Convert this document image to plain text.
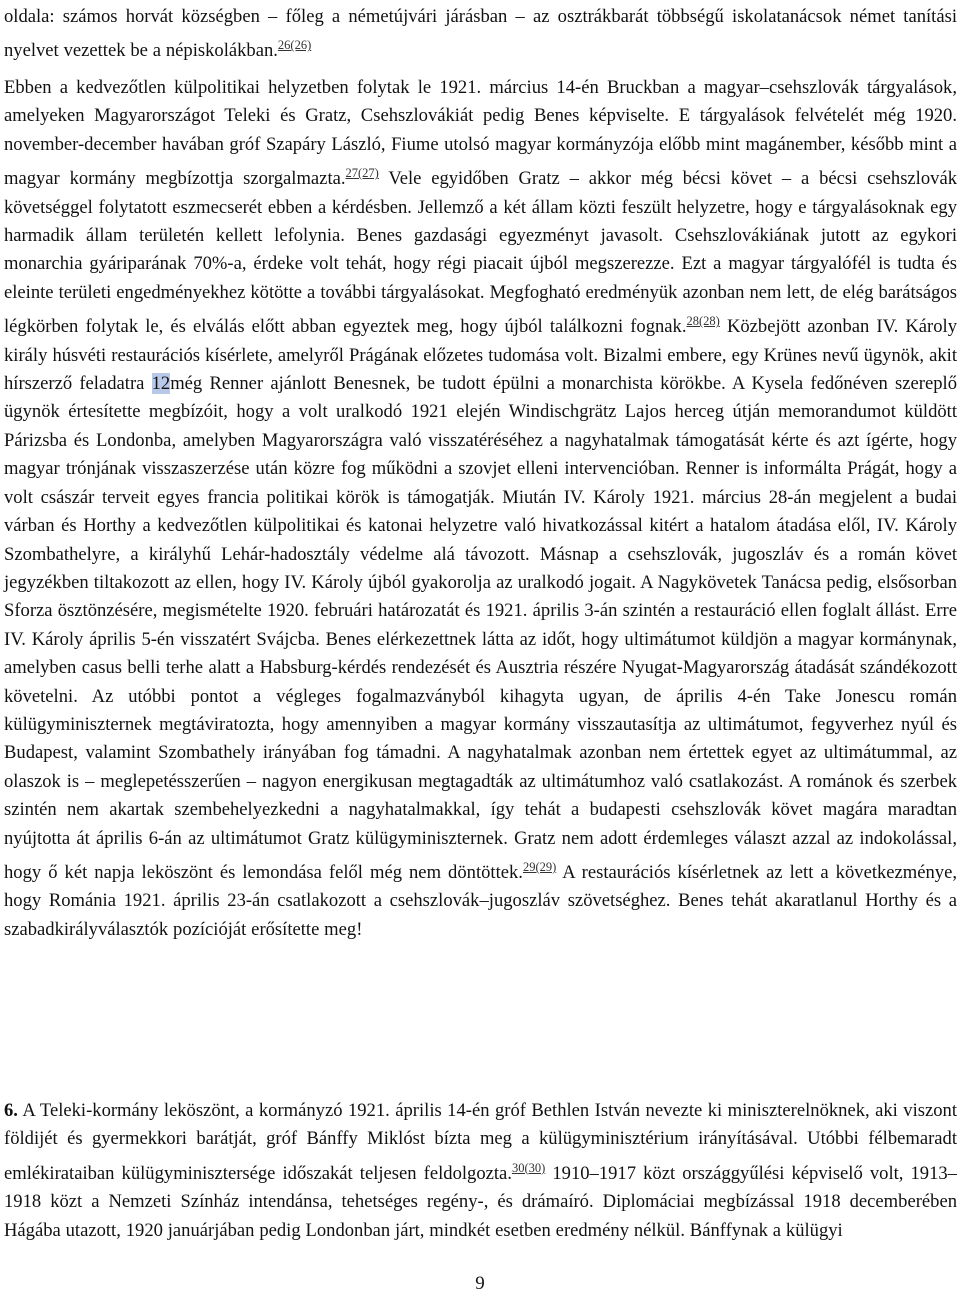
oldala: számos horvát községben – főleg a németújvári járásban – az osztrákbarát többségű iskolatanácsok német tanítási nyelvet vezettek be a népiskolákban.$^{26(26)}$
Ebben a kedvezőtlen külpolitikai helyzetben folytak le 1921. március 14-én Bruckban a magyar–csehszlovák tárgyalások, amelyeken Magyarországot Teleki és Gratz, Csehszlovákiát pedig Benes képviselte. E tárgyalások felvételét még 1920. november-december havában gróf Szapáry László, Fiume utolsó magyar kormányzója előbb mint magánember, később mint a magyar kormány megbízottja szorgalmazta.$^{27(27)}$ Vele egyidőben Gratz – akkor még bécsi követ – a bécsi csehszlovák követséggel folytatott eszmecserét ebben a kérdésben. Jellemző a két állam közti feszült helyzetre, hogy e tárgyalásoknak egy harmadik állam területén kellett lefolynia. Benes gazdasági egyezményt javasolt. Csehszlovákiának jutott az egykori monarchia gyáriparának 70%-a, érdeke volt tehát, hogy régi piacait újból megszerezze. Ezt a magyar tárgyalófél is tudta és eleinte területi engedményekhez kötötte a további tárgyalásokat. Megfogható eredményük azonban nem lett, de elég barátságos légkörben folytak le, és elválás előtt abban egyeztek meg, hogy újból találkozni fognak.$^{28(28)}$ Közbejött azonban IV. Károly király húsvéti restaurációs kísérlete, amelyről Prágának előzetes tudomása volt. Bizalmi embere, egy Krünes nevű ügynök, akit hírszerző feladatra 12még Renner ajánlott Benesnek, be tudott épülni a monarchista körökbe. A Kysela fedőnéven szereplő ügynök értesítette megbízóit, hogy a volt uralkodó 1921 elején Windischgrätz Lajos herceg útján memorandumot küldött Párizsba és Londonba, amelyben Magyarországra való visszatéréséhez a nagyhatalmak támogatását kérte és azt ígérte, hogy magyar trónjának visszaszerzése után közre fog működni a szovjet elleni intervencióban. Renner is informálta Prágát, hogy a volt császár terveit egyes francia politikai körök is támogatják. Miután IV. Károly 1921. március 28-án megjelent a budai várban és Horthy a kedvezőtlen külpolitikai és katonai helyzetre való hivatkozással kitért a hatalom átadása elől, IV. Károly Szombathelyre, a királyhű Lehár-hadosztály védelme alá távozott. Másnap a csehszlovák, jugoszláv és a román követ jegyzékben tiltakozott az ellen, hogy IV. Károly újból gyakorolja az uralkodó jogait. A Nagykövetek Tanácsa pedig, elsősorban Sforza ösztönzésére, megismételte 1920. februári határozatát és 1921. április 3-án szintén a restauráció ellen foglalt állást. Erre IV. Károly április 5-én visszatért Svájcba. Benes elérkezettnek látta az időt, hogy ultimátumot küldjön a magyar kormánynak, amelyben casus belli terhe alatt a Habsburg-kérdés rendezését és Ausztria részére Nyugat-Magyarország átadását szándékozott követelni. Az utóbbi pontot a végleges fogalmazványból kihagyta ugyan, de április 4-én Take Jonescu román külügyminiszternek megtáviratozta, hogy amennyiben a magyar kormány visszautasítja az ultimátumot, fegyverhez nyúl és Budapest, valamint Szombathely irányában fog támadni. A nagyhatalmak azonban nem értettek egyet az ultimátummal, az olaszok is – meglepetésszerűen – nagyon energikusan megtagadták az ultimátumhoz való csatlakozást. A románok és szerbek szintén nem akartak szembehelyezkedni a nagyhatalmakkal, így tehát a budapesti csehszlovák követ magára maradtan nyújtotta át április 6-án az ultimátumot Gratz külügyminiszternek. Gratz nem adott érdemleges választ azzal az indokolással, hogy ő két napja leköszönt és lemondása felől még nem döntöttek.$^{29(29)}$ A restaurációs kísérletnek az lett a következménye, hogy Románia 1921. április 23-án csatlakozott a csehszlovák–jugoszláv szövetséghez. Benes tehát akaratlanul Horthy és a szabadkirályválasztók pozícióját erősítette meg!
6. A Teleki-kormány leköszönt, a kormányzó 1921. április 14-én gróf Bethlen István nevezte ki miniszterelnöknek, aki viszont földijét és gyermekkori barátját, gróf Bánffy Miklóst bízta meg a külügyminisztérium irányításával. Utóbbi félbemaradt emlékirataiban külügyminisztersége időszakát teljesen feldolgozta.$^{30(30)}$ 1910–1917 közt országgyűlési képviselő volt, 1913–1918 közt a Nemzeti Színház intendánsa, tehetséges regény-, és drámaíró. Diplomáciai megbízással 1918 decemberében Hágába utazott, 1920 januárjában pedig Londonban járt, mindkét esetben eredmény nélkül. Bánffynak a külügyi
9
